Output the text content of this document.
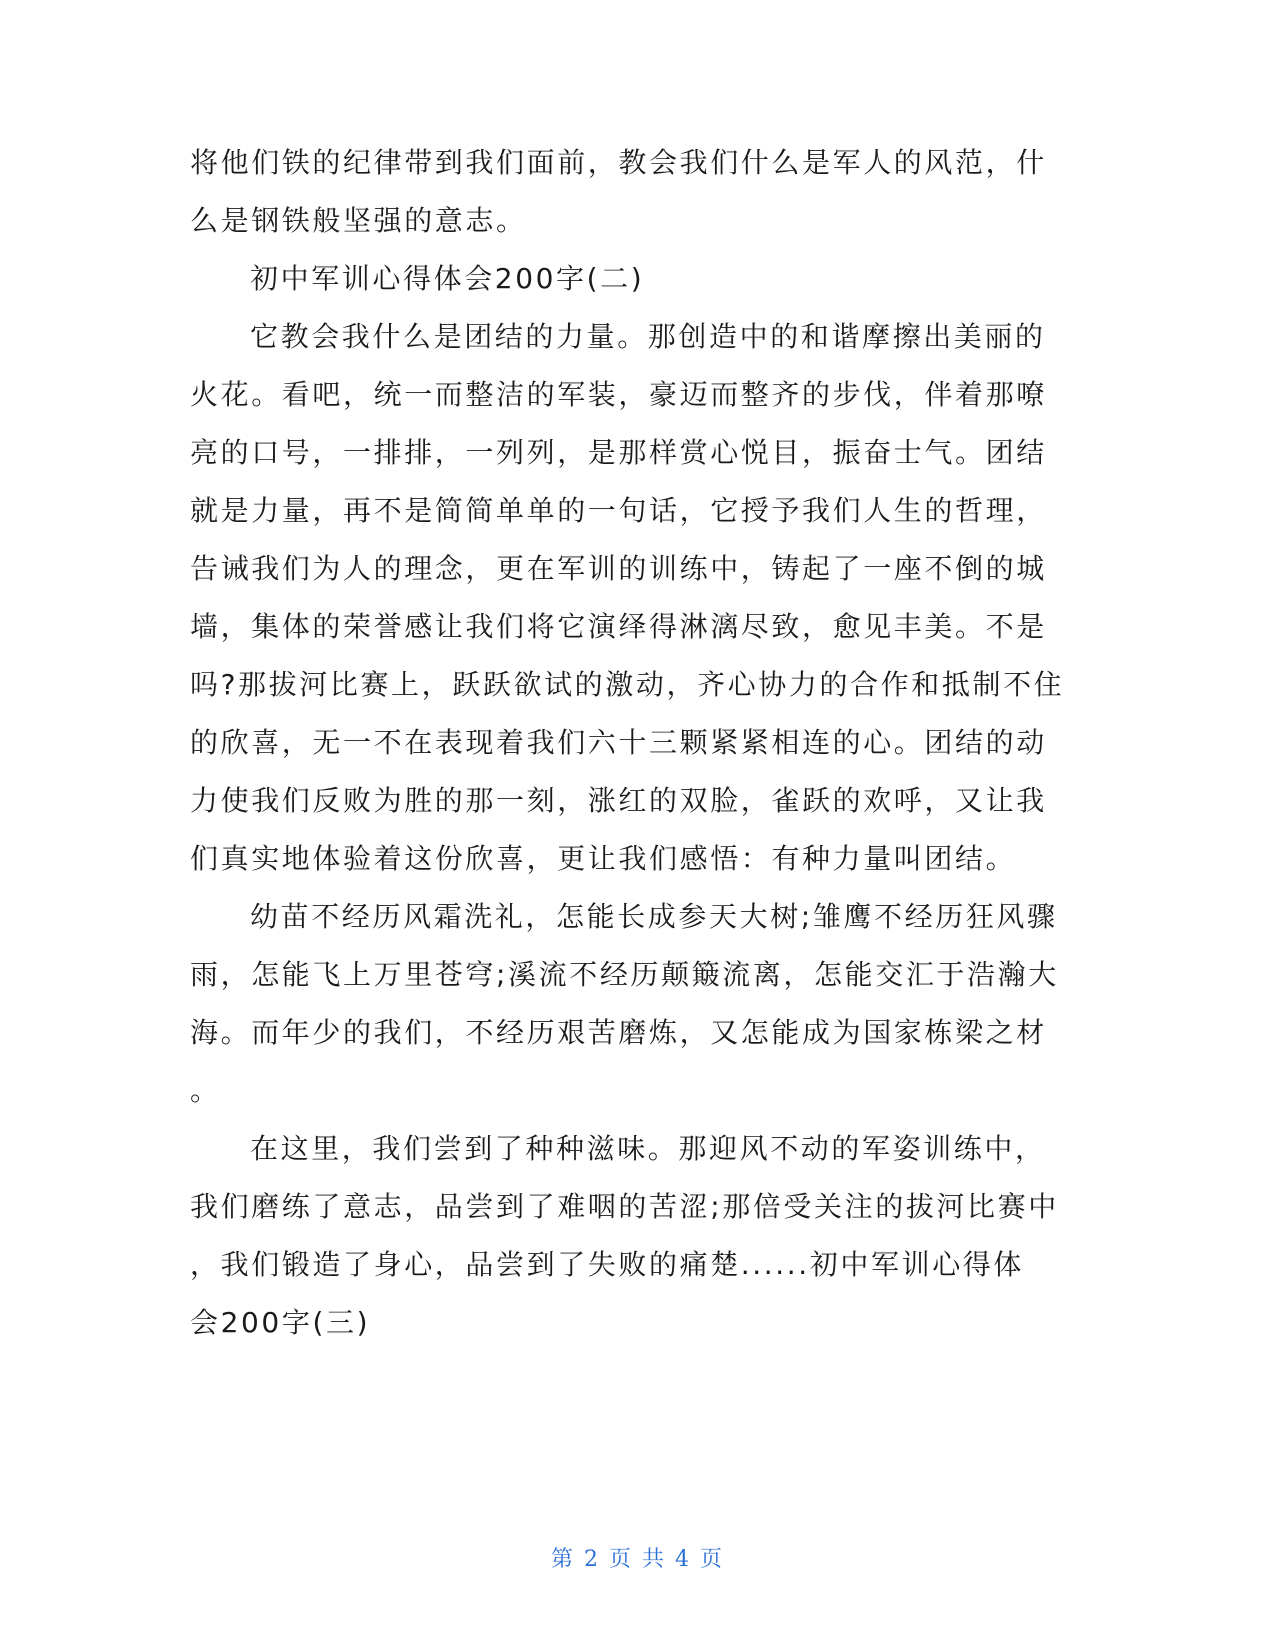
将他们铁的纪律带到我们面前，教会我们什么是军人的风范，什
么是钢铁般坚强的意志。
初中军训心得体会200字(二)
它教会我什么是团结的力量。那创造中的和谐摩擦出美丽的
火花。看吧，统一而整洁的军装，豪迈而整齐的步伐，伴着那嘹
亮的口号，一排排，一列列，是那样赏心悦目，振奋士气。团结
就是力量，再不是简简单单的一句话，它授予我们人生的哲理，
告诫我们为人的理念，更在军训的训练中，铸起了一座不倒的城
墙，集体的荣誉感让我们将它演绎得淋漓尽致，愈见丰美。不是
吗?那拔河比赛上，跃跃欲试的激动，齐心协力的合作和抵制不住
的欣喜，无一不在表现着我们六十三颗紧紧相连的心。团结的动
力使我们反败为胜的那一刻，涨红的双脸，雀跃的欢呼，又让我
们真实地体验着这份欣喜，更让我们感悟：有种力量叫团结。
幼苗不经历风霜洗礼，怎能长成参天大树;雏鹰不经历狂风骤
雨，怎能飞上万里苍穹;溪流不经历颠簸流离，怎能交汇于浩瀚大
海。而年少的我们，不经历艰苦磨炼，又怎能成为国家栋梁之材
。
在这里，我们尝到了种种滋味。那迎风不动的军姿训练中，
我们磨练了意志，品尝到了难咽的苦涩;那倍受关注的拔河比赛中
，我们锻造了身心，品尝到了失败的痛楚......初中军训心得体
会200字(三)
第 2 页 共 4 页
